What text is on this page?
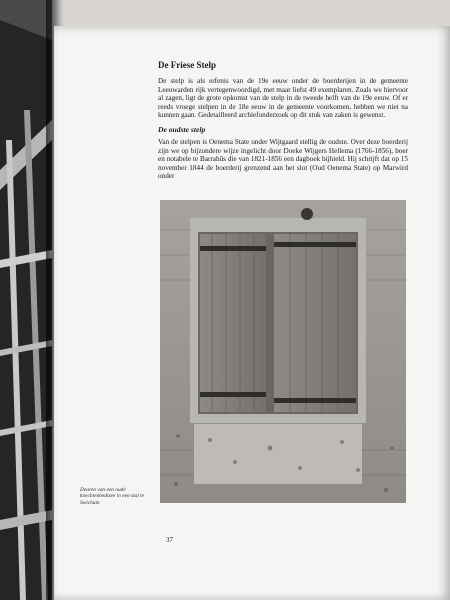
De Friese Stelp
De stelp is als erfenis van de 19e eeuw onder de boerderijen in de gemeente Leeuwarden rijk vertegenwoordigd, met maar liefst 49 exemplaren. Zoals we hiervoor al zagen, ligt de grote opkomst van de stelp in de tweede helft van de 19e eeuw. Of er reeds vroege stelpen in de 18e eeuw in de gemeente voorkomen, hebben we niet na kunnen gaan. Gedetailleerd archiefonderzoek op dit stuk van zaken is gewenst.
De oudste stelp
Van de stelpen is Oenema State onder Wijtgaard stellig de oudste. Over deze boerderij zijn we op bijzondere wijze ingelicht door Doeke Wijgers Hellema (1766-1856), boer en notabele te Barrahûs die van 1821-1856 een dagboek bijhield. Hij schrijft dat op 15 november 1844 de boerderij grenzend aan het slot (Oud Oenema State) op Marwird onder
Deuren van een oude knechtenbedstee in een stal te Swichum
37
